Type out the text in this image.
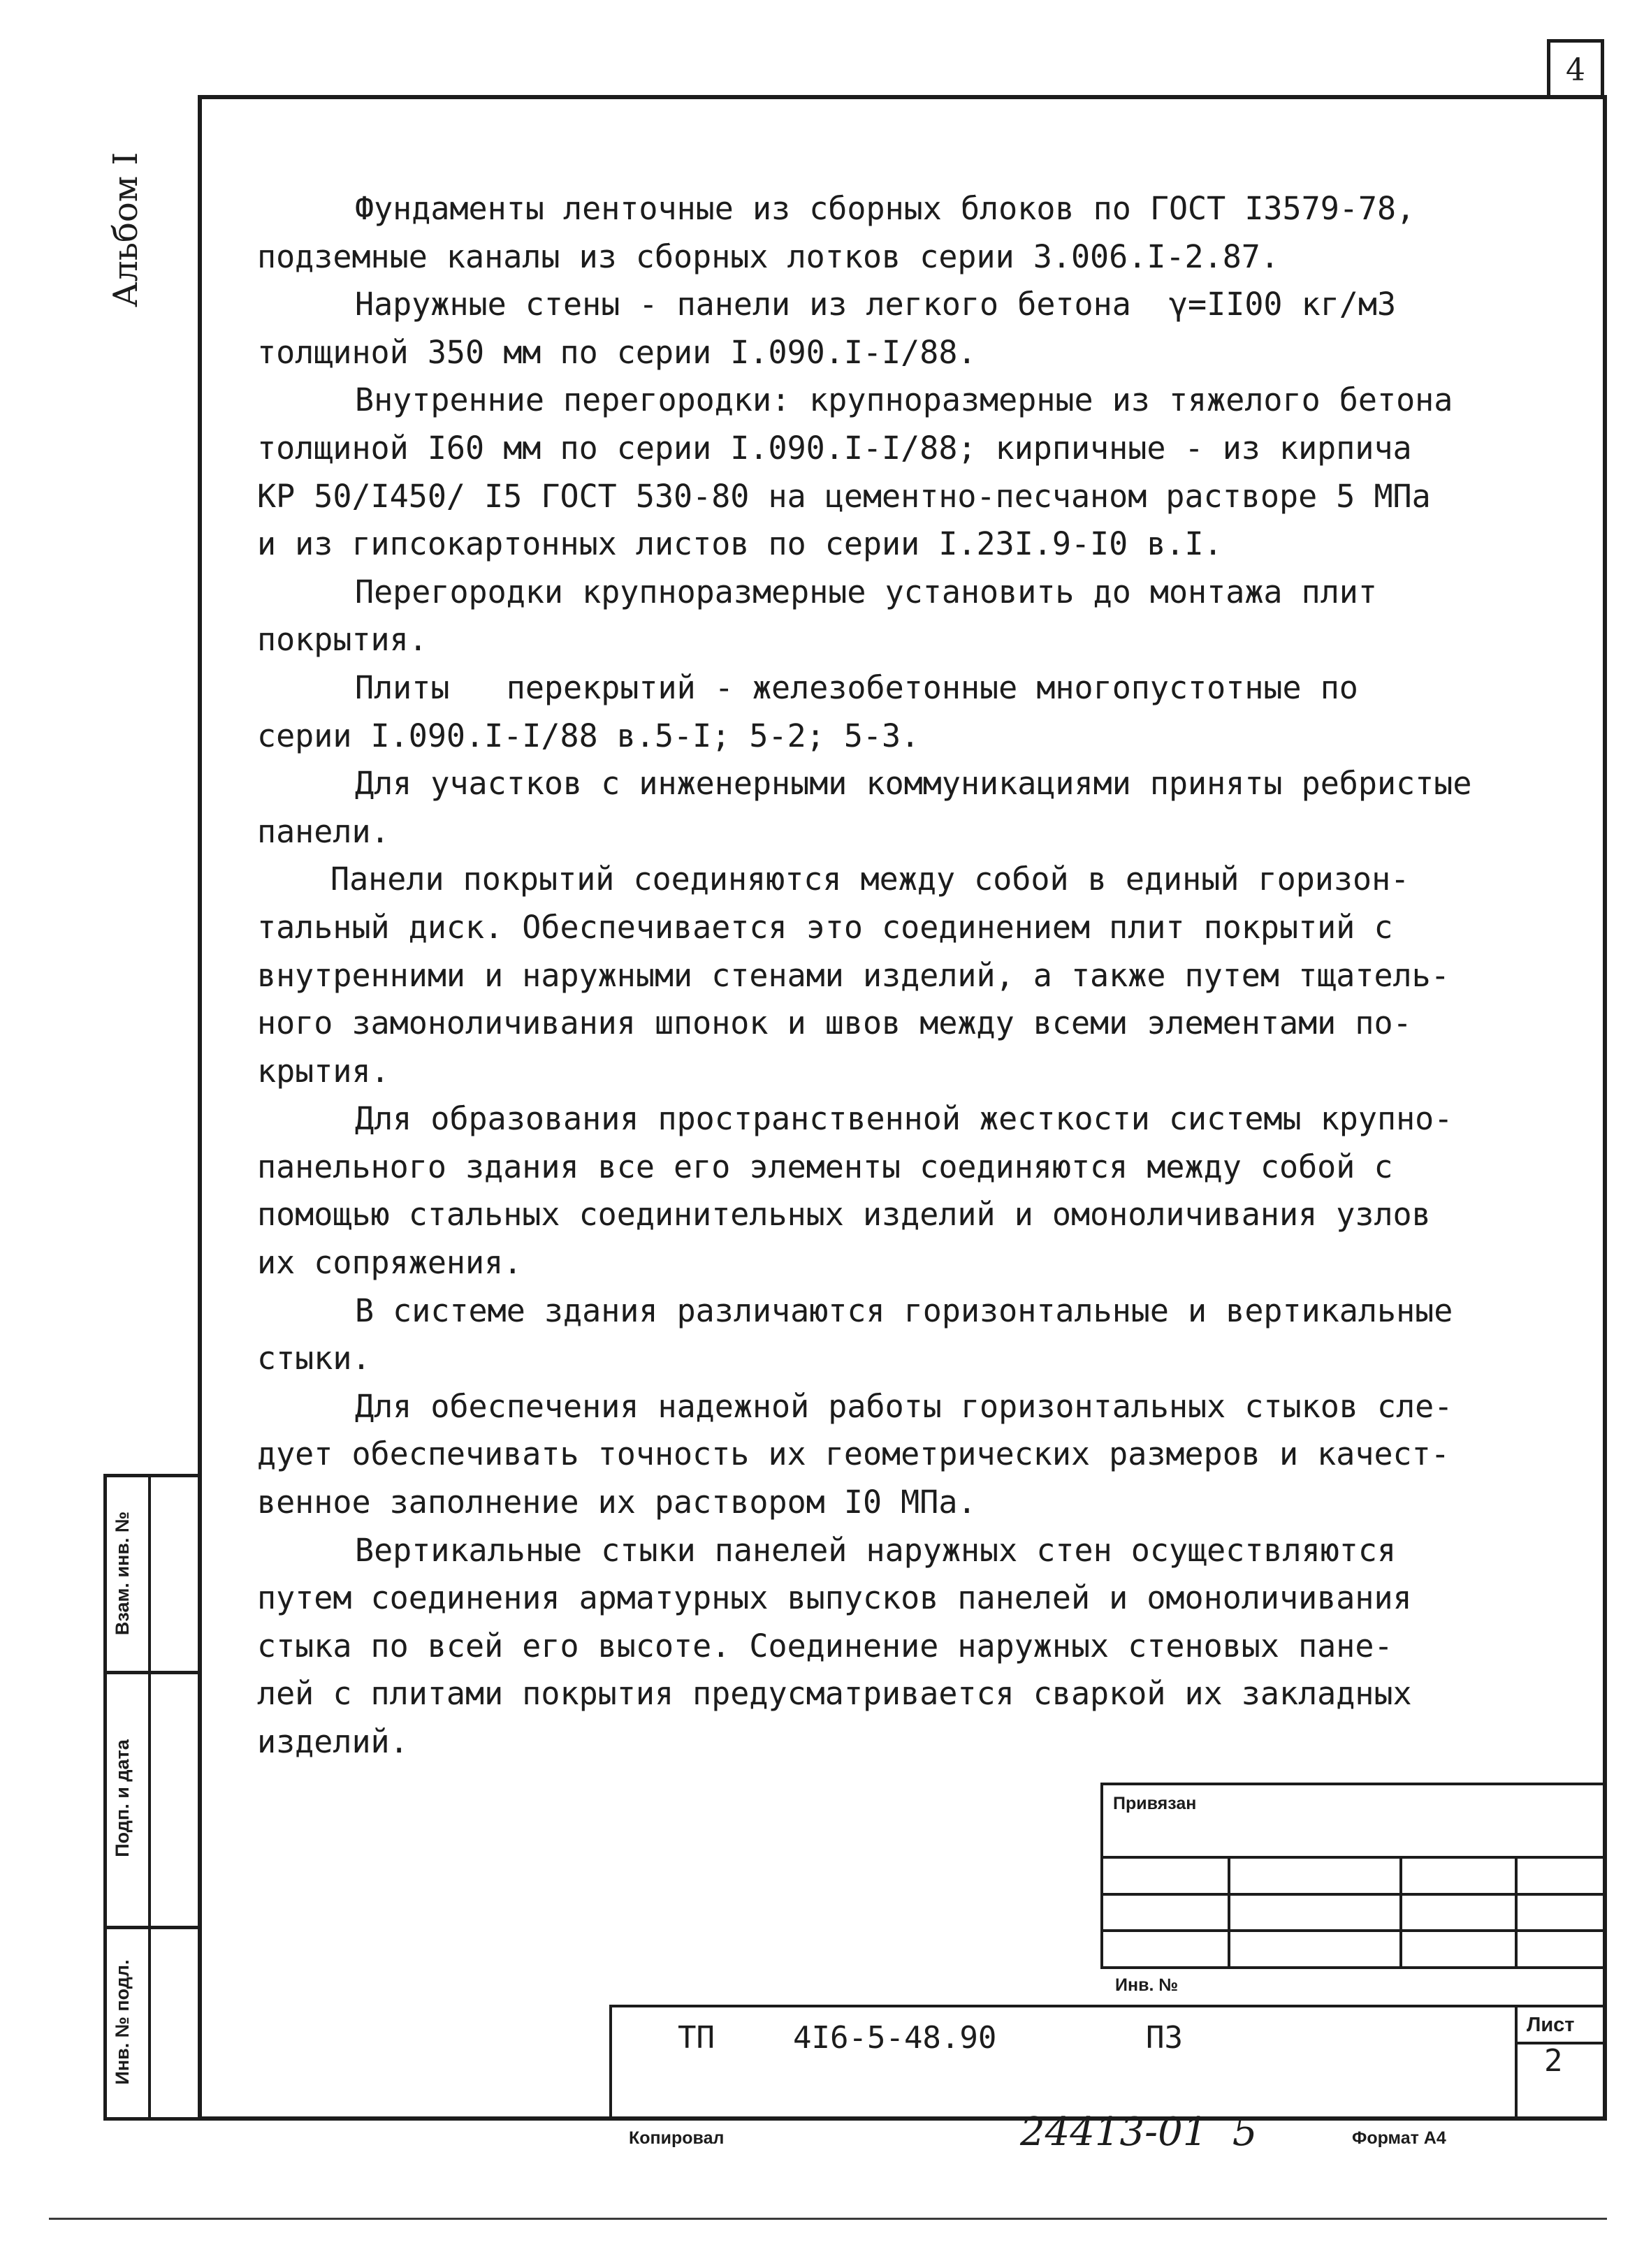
4
Альбом I	Фундаменты ленточные из сборных блоков по ГОСТ I3579-78,
подземные каналы из сборных лотков серии 3.006.I-2.87.
Наружные стены - панели из легкого бетона  γ=II00 кг/м3
толщиной 350 мм по серии I.090.I-I/88.
Внутренние перегородки: крупноразмерные из тяжелого бетона
толщиной I60 мм по серии I.090.I-I/88; кирпичные - из кирпича
КР 50/I450/ I5 ГОСТ 530-80 на цементно-песчаном растворе 5 МПа
и из гипсокартонных листов по серии I.23I.9-I0 в.I.
Перегородки крупноразмерные установить до монтажа плит
покрытия.
Плиты   перекрытий - железобетонные многопустотные по
серии I.090.I-I/88 в.5-I; 5-2; 5-3.
Для участков с инженерными коммуникациями приняты ребристые
панели.
Панели покрытий соединяются между собой в единый горизон-
тальный диск. Обеспечивается это соединением плит покрытий с
внутренними и наружными стенами изделий, а также путем тщатель-
ного замоноличивания шпонок и швов между всеми элементами по-
крытия.
Для образования пространственной жесткости системы крупно-
панельного здания все его элементы соединяются между собой с
помощью стальных соединительных изделий и омоноличивания узлов
их сопряжения.
В системе здания различаются горизонтальные и вертикальные
стыки.
Для обеспечения надежной работы горизонтальных стыков сле-
дует обеспечивать точность их геометрических размеров и качест-
венное заполнение их раствором I0 МПа.
Вертикальные стыки панелей наружных стен осуществляются
путем соединения арматурных выпусков панелей и омоноличивания
стыка по всей его высоте. Соединение наружных стеновых пане-
лей с плитами покрытия предусматривается сваркой их закладных
изделий.
Взам. инв. №
Подп. и дата
Инв. № подл.
Привязан
Инв. №
ТП	4I6-5-48.90	ПЗ	Лист
2
Копировал	24413-01  5	Формат А4
